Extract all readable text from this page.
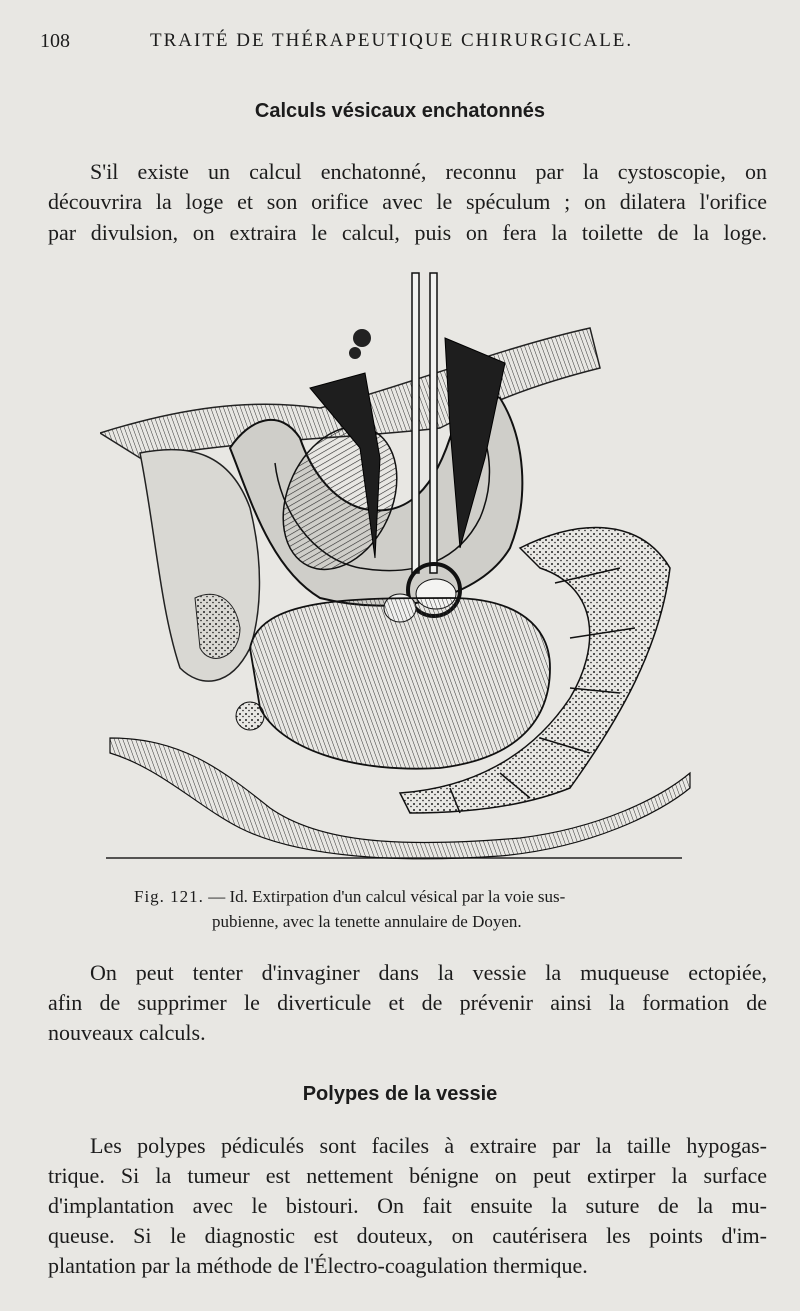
108	TRAITÉ DE THÉRAPEUTIQUE CHIRURGICALE.
Calculs vésicaux enchatonnés
S'il existe un calcul enchatonné, reconnu par la cystoscopie, on
découvrira la loge et son orifice avec le spéculum ; on dilatera l'orifice
par divulsion, on extraira le calcul, puis on fera la toilette de la loge.
Fig. 121. — Id. Extirpation d'un calcul vésical par la voie sus-
pubienne, avec la tenette annulaire de Doyen.
On peut tenter d'invaginer dans la vessie la muqueuse ectopiée,
afin de supprimer le diverticule et de prévenir ainsi la formation de
nouveaux calculs.
Polypes de la vessie
Les polypes pédiculés sont faciles à extraire par la taille hypogas-
trique. Si la tumeur est nettement bénigne on peut extirper la surface
d'implantation avec le bistouri. On fait ensuite la suture de la mu-
queuse. Si le diagnostic est douteux, on cautérisera les points d'im-
plantation par la méthode de l'Électro-coagulation thermique.
